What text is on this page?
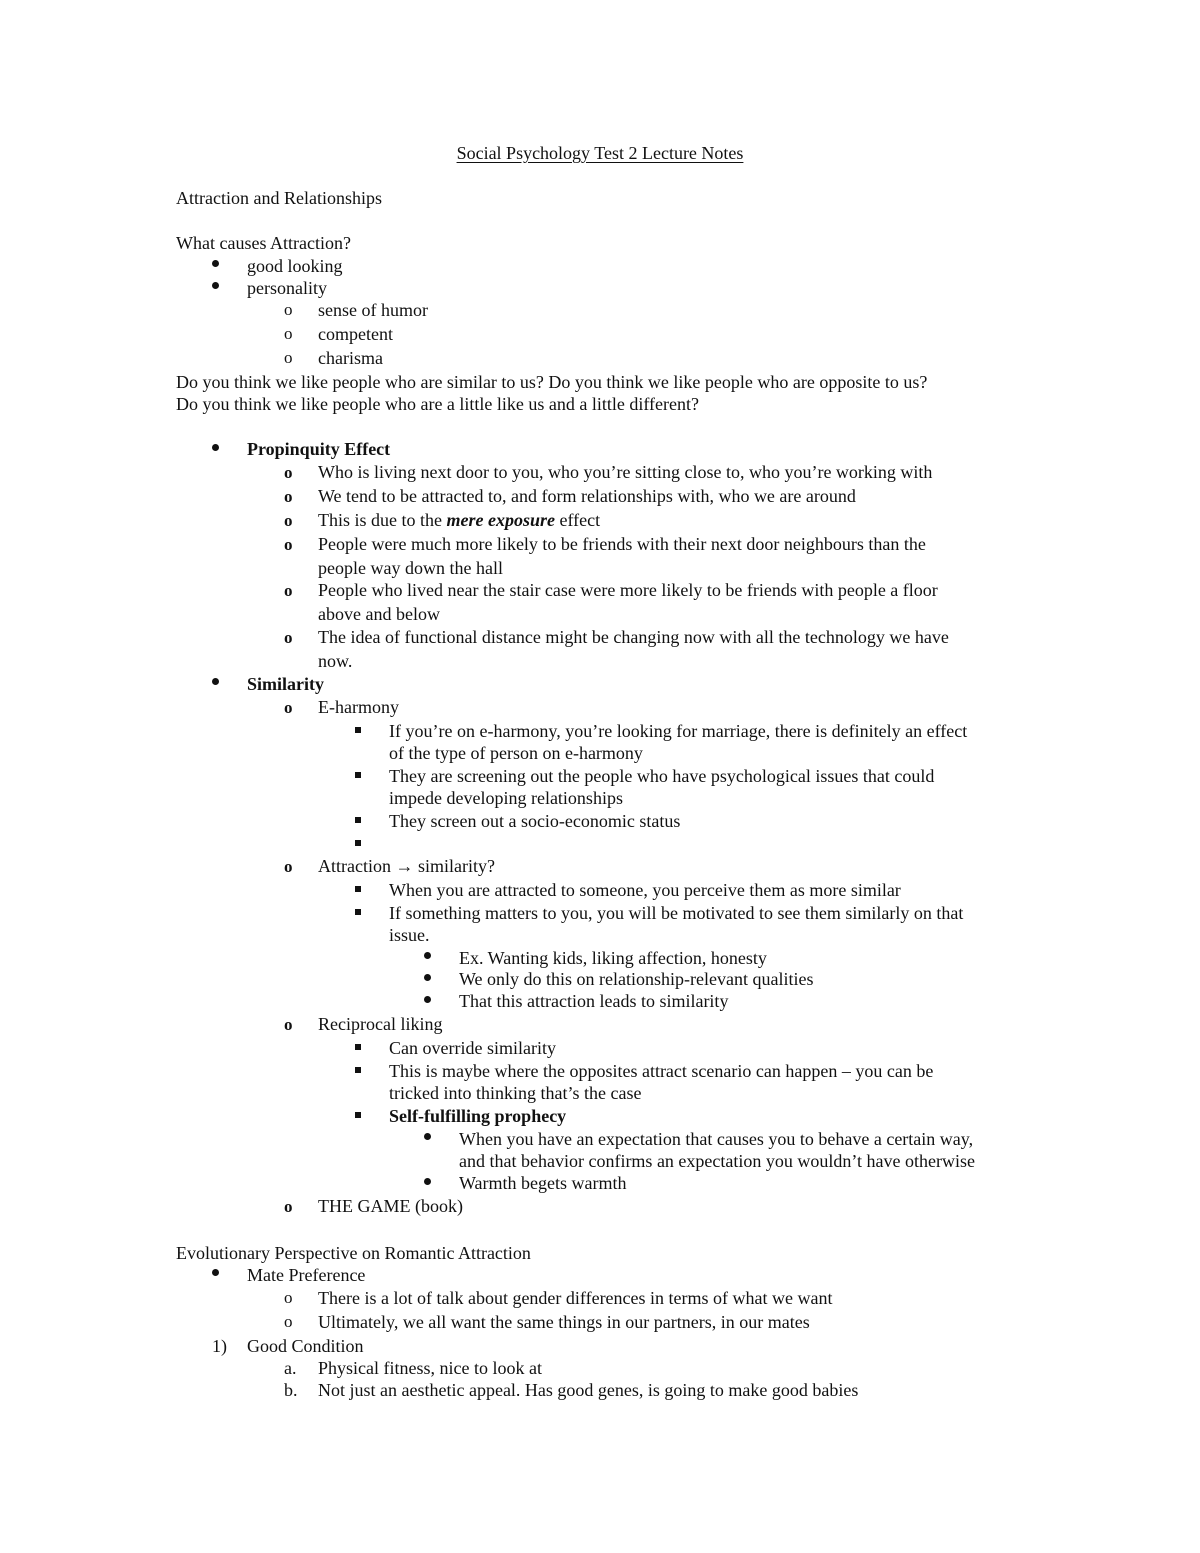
Social Psychology Test 2 Lecture Notes
Attraction and Relationships
What causes Attraction?
good looking
personality
o sense of humor
o competent
o charisma
Do you think we like people who are similar to us? Do you think we like people who are opposite to us?
Do you think we like people who are a little like us and a little different?
Propinquity Effect
o Who is living next door to you, who you’re sitting close to, who you’re working with
o We tend to be attracted to, and form relationships with, who we are around
o This is due to the mere exposure effect
o People were much more likely to be friends with their next door neighbours than the
people way down the hall
o People who lived near the stair case were more likely to be friends with people a floor
above and below
o The idea of functional distance might be changing now with all the technology we have
now.
Similarity
o E-harmony
If you’re on e-harmony, you’re looking for marriage, there is definitely an effect
of the type of person on e-harmony
They are screening out the people who have psychological issues that could
impede developing relationships
They screen out a socio-economic status
o Attraction → similarity?
When you are attracted to someone, you perceive them as more similar
If something matters to you, you will be motivated to see them similarly on that
issue.
Ex. Wanting kids, liking affection, honesty
We only do this on relationship-relevant qualities
That this attraction leads to similarity
o Reciprocal liking
Can override similarity
This is maybe where the opposites attract scenario can happen – you can be
tricked into thinking that’s the case
Self-fulfilling prophecy
When you have an expectation that causes you to behave a certain way,
and that behavior confirms an expectation you wouldn’t have otherwise
Warmth begets warmth
o THE GAME (book)
Evolutionary Perspective on Romantic Attraction
Mate Preference
o There is a lot of talk about gender differences in terms of what we want
o Ultimately, we all want the same things in our partners, in our mates
1) Good Condition
a. Physical fitness, nice to look at
b. Not just an aesthetic appeal. Has good genes, is going to make good babies
